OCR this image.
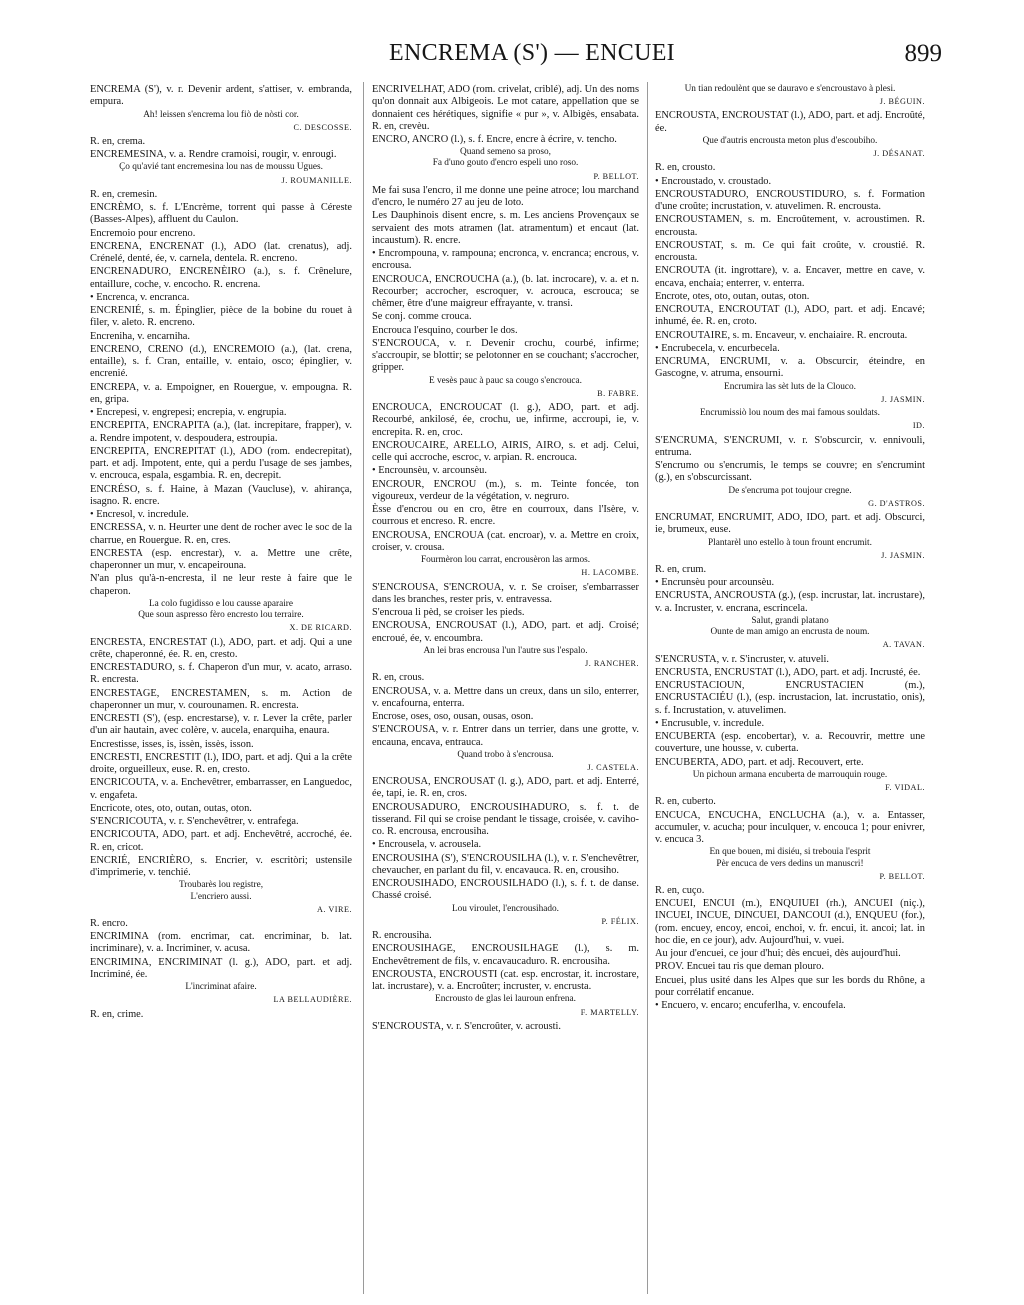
ENCREMA (S') — ENCUEI	899
ENCREMA (S'), v. r. Devenir ardent, s'attiser, v. embranda, empura.
Ah! leissen s'encrema lou fiò de nòsti cor.
C. DESCOSSE.
R. en, crema.
ENCREMESINA, v. a. Rendre cramoisi, rougir, v. enrougi.
Ço qu'avié tant encremesina lou nas de moussu Ugues.
J. ROUMANILLE.
R. en, cremesin.
ENCRÈMO, s. f. L'Encrème, torrent qui passe à Céreste (Basses-Alpes), affluent du Caulon.
Encremoio pour encreno.
ENCRENA, ENCRENAT (l.), ADO (lat. crenatus), adj. Crénelé, denté, ée, v. carnela, dentela. R. encreno.
ENCRENADURO, ENCRENÈIRO (a.), s. f. Crênelure, entaillure, coche, v. encocho. R. encrena.
• Encrenca, v. encranca.
ENCRENIÉ, s. m. Épinglier, pièce de la bobine du rouet à filer, v. aleto. R. encreno.
Encreniha, v. encarniha.
ENCRENO, CRENO (d.), ENCREMOIO (a.), (lat. crena, entaille), s. f. Cran, entaille, v. entaio, osco; épinglier, v. encrenié.
ENCREPA, v. a. Empoigner, en Rouergue, v. empougna. R. en, gripa.
• Encrepesi, v. engrepesi; encrepia, v. engrupia.
ENCREPITA, ENCRAPITA (a.), (lat. increpitare, frapper), v. a. Rendre impotent, v. despoudera, estroupia.
ENCREPITA, ENCREPITAT (l.), ADO (rom. endecrepitat), part. et adj. Impotent, ente, qui a perdu l'usage de ses jambes, v. encrouca, espala, esgambia. R. en, decrepit.
ENCRÉSO, s. f. Haine, à Mazan (Vaucluse), v. ahirança, isagno. R. encre.
• Encresol, v. incredule.
ENCRESSA, v. n. Heurter une dent de rocher avec le soc de la charrue, en Rouergue. R. en, cres.
ENCRESTA (esp. encrestar), v. a. Mettre une crête, chaperonner un mur, v. encapeirouna.
N'an plus qu'à-n-encresta, il ne leur reste à faire que le chaperon.
La colo fugidisso e lou causse aparaire
Que soun aspresso fèro encresto lou terraire.
X. DE RICARD.
ENCRESTA, ENCRESTAT (l.), ADO, part. et adj. Qui a une crête, chaperonné, ée. R. en, cresto.
ENCRESTADURO, s. f. Chaperon d'un mur, v. acato, arraso. R. encresta.
ENCRESTAGE, ENCRESTAMEN, s. m. Action de chaperonner un mur, v. courounamen. R. encresta.
ENCRESTI (S'), (esp. encrestarse), v. r. Lever la crête, parler d'un air hautain, avec colère, v. aucela, enarquiha, enaura.
Encrestisse, isses, is, issèn, issès, isson.
ENCRESTI, ENCRESTIT (l.), IDO, part. et adj. Qui a la crête droite, orgueilleux, euse. R. en, cresto.
ENCRICOUTA, v. a. Enchevêtrer, embarrasser, en Languedoc, v. engafeta.
Encricote, otes, oto, outan, outas, oton.
S'ENCRICOUTA, v. r. S'enchevêtrer, v. entrafega.
ENCRICOUTA, ADO, part. et adj. Enchevêtré, accroché, ée. R. en, cricot.
ENCRIÉ, ENCRIÈRO, s. Encrier, v. escritòri; ustensile d'imprimerie, v. tenchié.
Troubarès lou registre,
L'encriero aussi.
A. VIRE.
R. encro.
ENCRIMINA (rom. encrimar, cat. encriminar, b. lat. incriminare), v. a. Incriminer, v. acusa.
ENCRIMINA, ENCRIMINAT (l. g.), ADO, part. et adj. Incriminé, ée.
L'incriminat afaire.
LA BELLAUDIÈRE.
R. en, crime.
ENCRIVELHAT, ADO (rom. crivelat, criblé), adj. Un des noms qu'on donnait aux Albigeois. Le mot catare, appellation que se donnaient ces hérétiques, signifie « pur », v. Albigès, ensabata. R. en, crevèu.
ENCRO, ANCRO (l.), s. f. Encre, encre à écrire, v. tencho.
Quand semeno sa proso,
Fa d'uno gouto d'encro espeli uno roso.
P. BELLOT.
Me fai susa l'encro, il me donne une peine atroce; lou marchand d'encro, le numéro 27 au jeu de loto.
Les Dauphinois disent encre, s. m. Les anciens Provençaux se servaient des mots atramen (lat. atramentum) et encaut (lat. incaustum). R. encre.
• Encrompouna, v. rampouna; encronca, v. encranca; encrous, v. encrousa.
ENCROUCA, ENCROUCHA (a.), (b. lat. incrocare), v. a. et n. Recourber; accrocher, escroquer, v. acrouca, escrouca; se chêmer, être d'une maigreur effrayante, v. transi.
Se conj. comme crouca.
Encrouca l'esquino, courber le dos.
S'ENCROUCA, v. r. Devenir crochu, courbé, infirme; s'accroupir, se blottir; se pelotonner en se couchant; s'accrocher, gripper.
E vesès pauc à pauc sa cougo s'encrouca.
B. FABRE.
ENCROUCA, ENCROUCAT (l. g.), ADO, part. et adj. Recourbé, ankilosé, ée, crochu, ue, infirme, accroupi, ie, v. encrepita. R. en, croc.
ENCROUCAIRE, ARELLO, AIRIS, AIRO, s. et adj. Celui, celle qui accroche, escroc, v. arpian. R. encrouca.
• Encrounsèu, v. arcounsèu.
ENCROUR, ENCROU (m.), s. m. Teinte foncée, ton vigoureux, verdeur de la végétation, v. negruro.
Èsse d'encrou ou en cro, être en courroux, dans l'Isère, v. courrous et encreso. R. encre.
ENCROUSA, ENCROUA (cat. encroar), v. a. Mettre en croix, croiser, v. crousa.
Fourmèron lou carrat, encrousèron las armos.
H. LACOMBE.
S'ENCROUSA, S'ENCROUA, v. r. Se croiser, s'embarrasser dans les branches, rester pris, v. entravessa.
S'encroua li pèd, se croiser les pieds.
ENCROUSA, ENCROUSAT (l.), ADO, part. et adj. Croisé; encroué, ée, v. encoumbra.
An lei bras encrousa l'un l'autre sus l'espalo.
J. RANCHER.
R. en, crous.
ENCROUSA, v. a. Mettre dans un creux, dans un silo, enterrer, v. encafourna, enterra.
Encrose, oses, oso, ousan, ousas, oson.
S'ENCROUSA, v. r. Entrer dans un terrier, dans une grotte, v. encauna, encava, entrauca.
Quand trobo à s'encrousa.
J. CASTELA.
ENCROUSA, ENCROUSAT (l. g.), ADO, part. et adj. Enterré, ée, tapi, ie. R. en, cros.
ENCROUSADURO, ENCROUSIHADURO, s. f. t. de tisserand. Fil qui se croise pendant le tissage, croisée, v. caviho-co. R. encrousa, encrousiha.
• Encrousela, v. acrousela.
ENCROUSIHA (S'), S'ENCROUSILHA (l.), v. r. S'enchevêtrer, chevaucher, en parlant du fil, v. encavauca. R. en, crousiho.
ENCROUSIHADO, ENCROUSILHADO (l.), s. f. t. de danse. Chassé croisé.
Lou viroulet, l'encrousihado.
P. FÉLIX.
R. encrousiha.
ENCROUSIHAGE, ENCROUSILHAGE (l.), s. m. Enchevêtrement de fils, v. encavaucaduro. R. encrousiha.
ENCROUSTA, ENCROUSTI (cat. esp. encrostar, it. incrostare, lat. incrustare), v. a. Encroûter; incruster, v. encrusta.
Encrousto de glas lei lauroun enfrena.
F. MARTELLY.
S'ENCROUSTA, v. r. S'encroûter, v. acrousti.
Un tian redoulènt que se dauravo e s'encroustavo à plesi.
J. BÉGUIN.
ENCROUSTA, ENCROUSTAT (l.), ADO, part. et adj. Encroûté, ée.
Que d'autris encrousta meton plus d'escoubiho.
J. DÉSANAT.
R. en, crousto.
• Encroustado, v. croustado.
ENCROUSTADURO, ENCROUSTIDURO, s. f. Formation d'une croûte; incrustation, v. atuvelimen. R. encrousta.
ENCROUSTAMEN, s. m. Encroûtement, v. acroustimen. R. encrousta.
ENCROUSTAT, s. m. Ce qui fait croûte, v. croustié. R. encrousta.
ENCROUTA (it. ingrottare), v. a. Encaver, mettre en cave, v. encava, enchaia; enterrer, v. enterra.
Encrote, otes, oto, outan, outas, oton.
ENCROUTA, ENCROUTAT (l.), ADO, part. et adj. Encavé; inhumé, ée. R. en, croto.
ENCROUTAIRE, s. m. Encaveur, v. enchaiaire. R. encrouta.
• Encrubecela, v. encurbecela.
ENCRUMA, ENCRUMI, v. a. Obscurcir, éteindre, en Gascogne, v. atruma, ensourni.
Encrumira las sèt luts de la Clouco.
J. JASMIN.
Encrumissiò lou noum des mai famous souldats.
ID.
S'ENCRUMA, S'ENCRUMI, v. r. S'obscurcir, v. ennivouli, entruma.
S'encrumo ou s'encrumis, le temps se couvre; en s'encrumint (g.), en s'obscurcissant.
De s'encruma pot toujour cregne.
G. D'ASTROS.
ENCRUMAT, ENCRUMIT, ADO, IDO, part. et adj. Obscurci, ie, brumeux, euse.
Plantarèl uno estello à toun frount encrumit.
J. JASMIN.
R. en, crum.
• Encrunsèu pour arcounsèu.
ENCRUSTA, ANCROUSTA (g.), (esp. incrustar, lat. incrustare), v. a. Incruster, v. encrana, escrincela.
Salut, grandi platano
Ounte de man amigo an encrusta de noum.
A. TAVAN.
S'ENCRUSTA, v. r. S'incruster, v. atuveli.
ENCRUSTA, ENCRUSTAT (l.), ADO, part. et adj. Incrusté, ée.
ENCRUSTACIOUN, ENCRUSTACIEN (m.), ENCRUSTACIÉU (l.), (esp. incrustacion, lat. incrustatio, onis), s. f. Incrustation, v. atuvelimen.
• Encrusuble, v. incredule.
ENCUBERTA (esp. encobertar), v. a. Recouvrir, mettre une couverture, une housse, v. cuberta.
ENCUBERTA, ADO, part. et adj. Recouvert, erte.
Un pichoun armana encuberta de marrouquin rouge.
F. VIDAL.
R. en, cuberto.
ENCUCA, ENCUCHA, ENCLUCHA (a.), v. a. Entasser, accumuler, v. acucha; pour inculquer, v. encouca 1; pour enivrer, v. encuca 3.
En que bouen, mi disiéu, si trebouia l'esprit
Pèr encuca de vers dedins un manuscri!
P. BELLOT.
R. en, cuço.
ENCUEI, ENCUI (m.), ENQUIUEI (rh.), ANCUEI (niç.), INCUEI, INCUE, DINCUEI, DANCOUI (d.), ENQUEU (for.), (rom. encuey, encoy, encoi, enchoi, v. fr. encui, it. ancoi; lat. in hoc die, en ce jour), adv. Aujourd'hui, v. vuei.
Au jour d'encuei, ce jour d'hui; dès encuei, dès aujourd'hui.
PROV. Encuei tau ris que deman plouro.
Encuei, plus usité dans les Alpes que sur les bords du Rhône, a pour corrélatif encanue.
• Encuero, v. encaro; encuferlha, v. encoufela.
